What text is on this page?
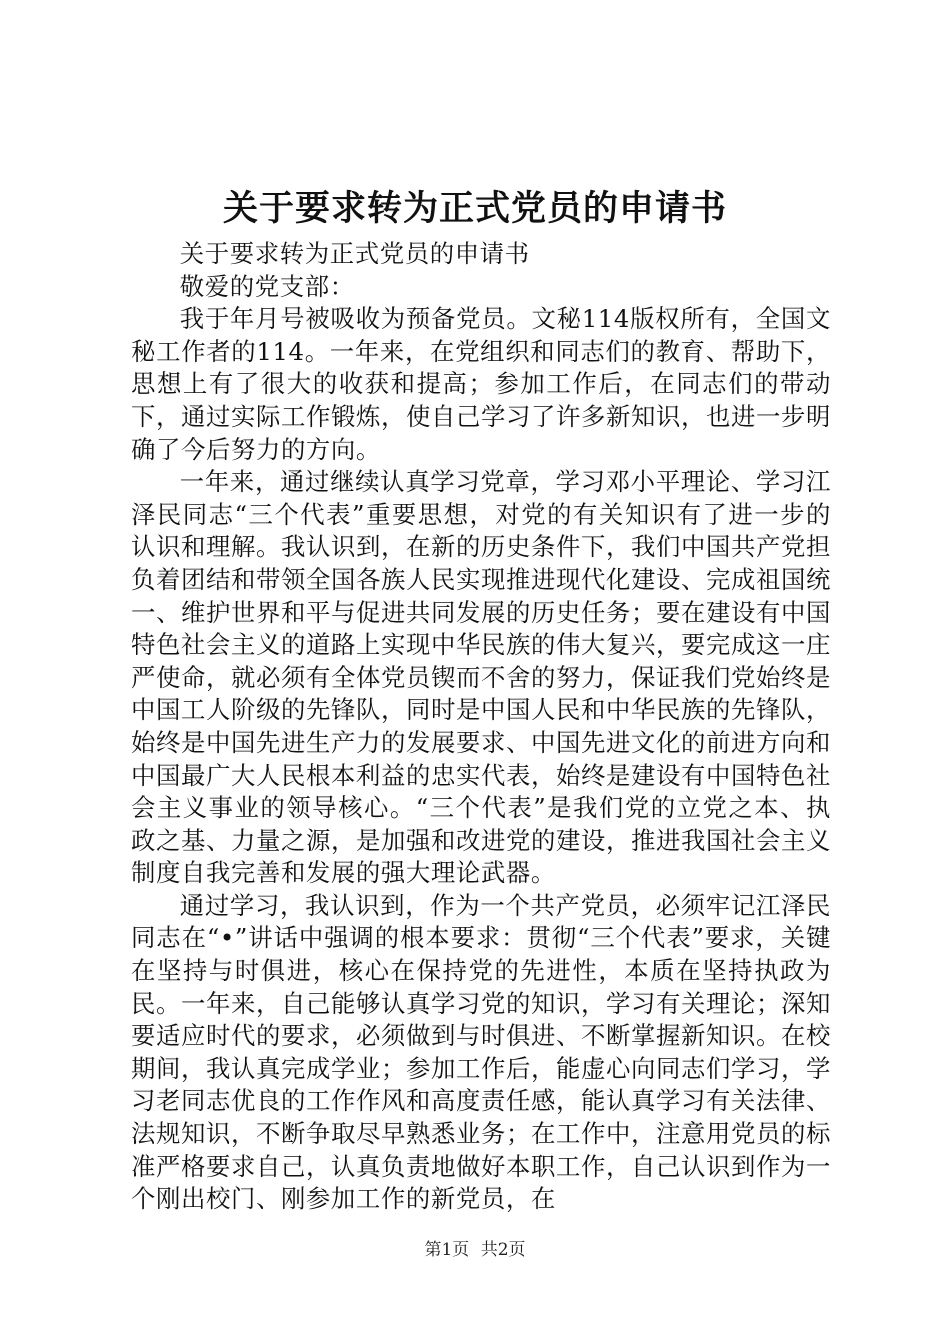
关于要求转为正式党员的申请书

关于要求转为正式党员的申请书

敬爱的党支部：

我于年月号被吸收为预备党员。文秘114版权所有，全国文秘工作者的114。一年来，在党组织和同志们的教育、帮助下，思想上有了很大的收获和提高；参加工作后，在同志们的带动下，通过实际工作锻炼，使自己学习了许多新知识，也进一步明确了今后努力的方向。

一年来，通过继续认真学习党章，学习邓小平理论、学习江泽民同志“三个代表”重要思想，对党的有关知识有了进一步的认识和理解。我认识到，在新的历史条件下，我们中国共产党担负着团结和带领全国各族人民实现推进现代化建设、完成祖国统一、维护世界和平与促进共同发展的历史任务；要在建设有中国特色社会主义的道路上实现中华民族的伟大复兴，要完成这一庄严使命，就必须有全体党员锲而不舍的努力，保证我们党始终是中国工人阶级的先锋队，同时是中国人民和中华民族的先锋队，始终是中国先进生产力的发展要求、中国先进文化的前进方向和中国最广大人民根本利益的忠实代表，始终是建设有中国特色社会主义事业的领导核心。“三个代表”是我们党的立党之本、执政之基、力量之源，是加强和改进党的建设，推进我国社会主义制度自我完善和发展的强大理论武器。

通过学习，我认识到，作为一个共产党员，必须牢记江泽民同志在“•”讲话中强调的根本要求：贯彻“三个代表”要求，关键在坚持与时俱进，核心在保持党的先进性，本质在坚持执政为民。一年来，自己能够认真学习党的知识，学习有关理论；深知要适应时代的要求，必须做到与时俱进、不断掌握新知识。在校期间，我认真完成学业；参加工作后，能虚心向同志们学习，学习老同志优良的工作作风和高度责任感，能认真学习有关法律、法规知识，不断争取尽早熟悉业务；在工作中，注意用党员的标准严格要求自己，认真负责地做好本职工作，自己认识到作为一个刚出校门、刚参加工作的新党员，在

第1页 共2页
